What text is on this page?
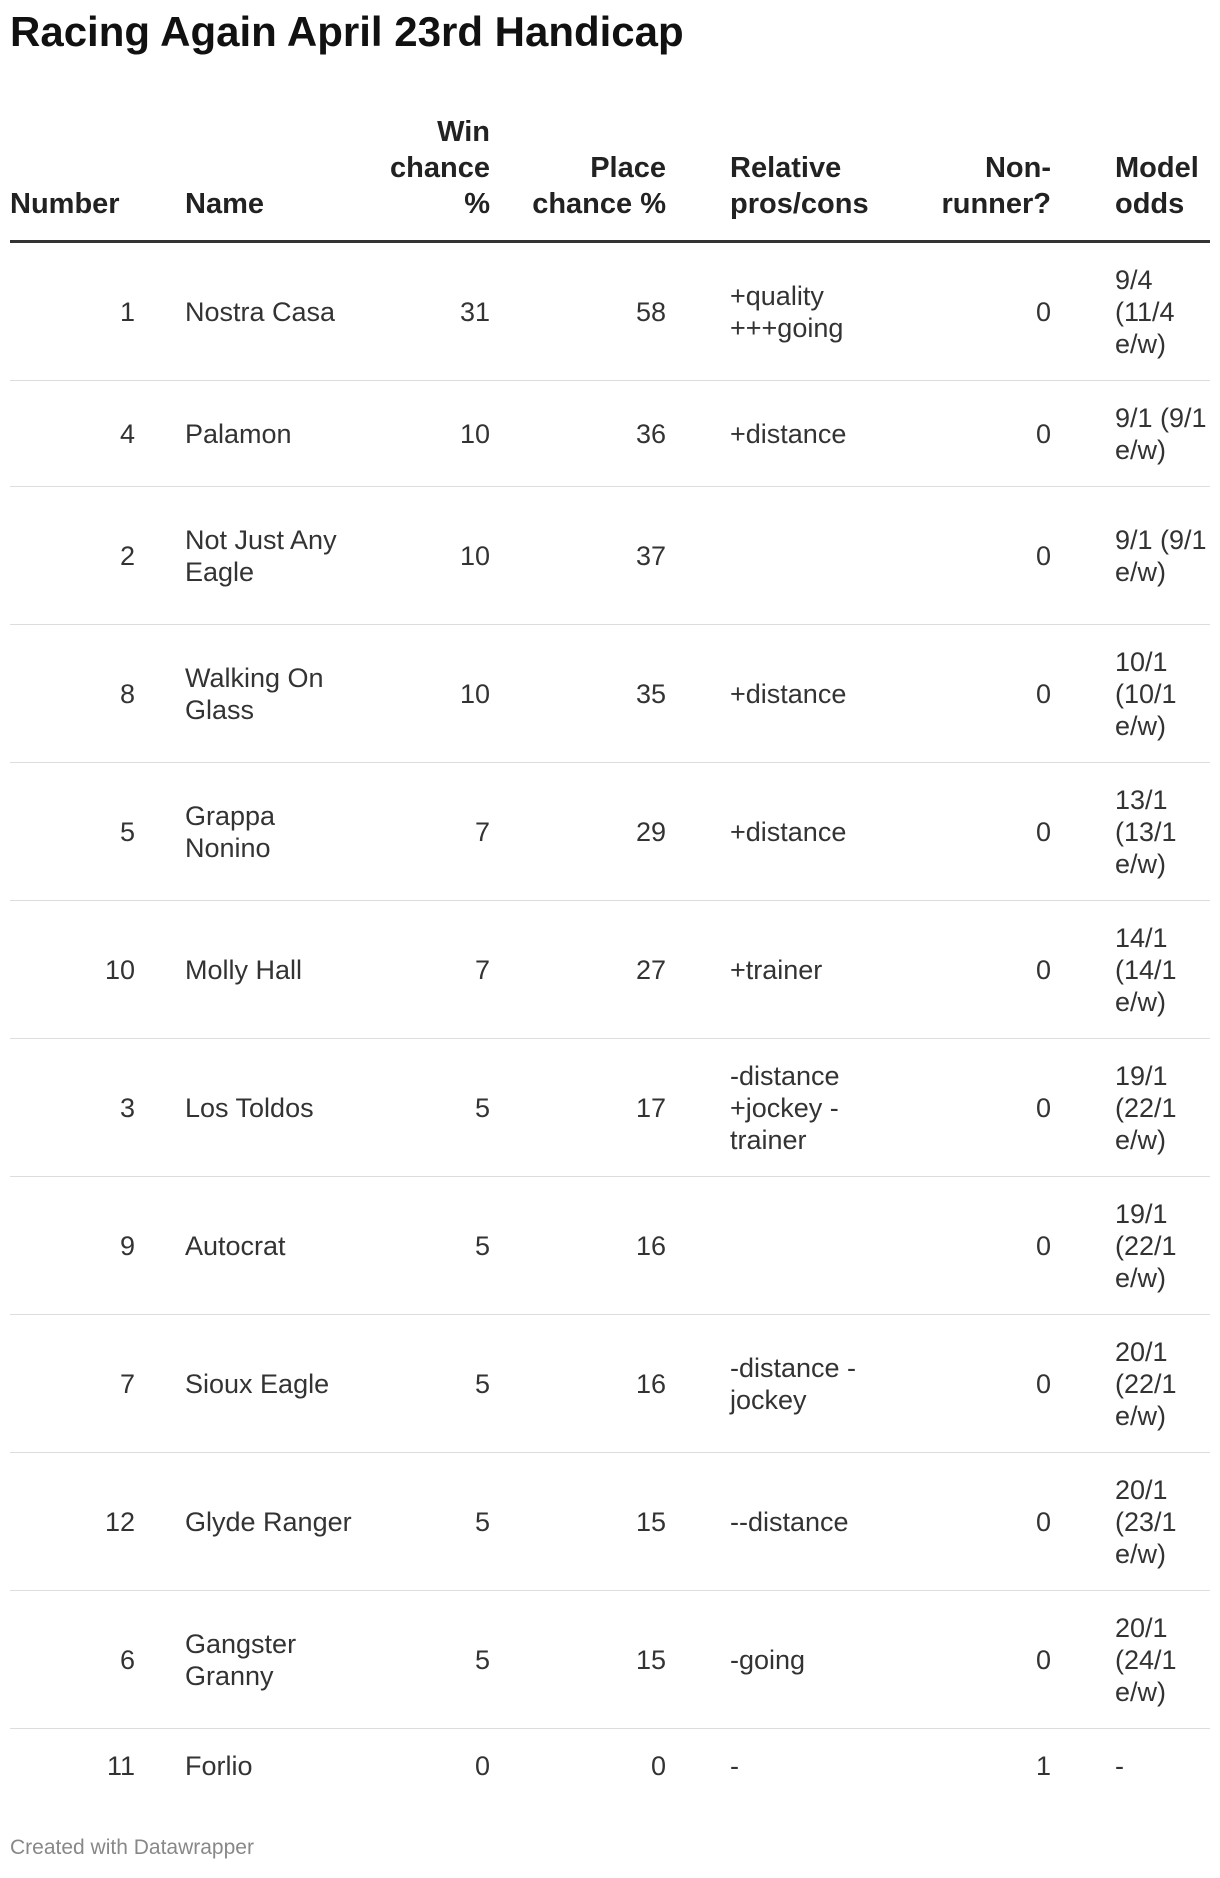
Racing Again April 23rd Handicap
Number	Name	Win chance %	Place chance %	Relative pros/cons	Non-runner?	Model odds
1	Nostra Casa	31	58	+quality +++going	0	9/4 (11/4 e/w)
4	Palamon	10	36	+distance	0	9/1 (9/1 e/w)
2	Not Just Any Eagle	10	37		0	9/1 (9/1 e/w)
8	Walking On Glass	10	35	+distance	0	10/1 (10/1 e/w)
5	Grappa Nonino	7	29	+distance	0	13/1 (13/1 e/w)
10	Molly Hall	7	27	+trainer	0	14/1 (14/1 e/w)
3	Los Toldos	5	17	-distance +jockey -trainer	0	19/1 (22/1 e/w)
9	Autocrat	5	16		0	19/1 (22/1 e/w)
7	Sioux Eagle	5	16	-distance -jockey	0	20/1 (22/1 e/w)
12	Glyde Ranger	5	15	--distance	0	20/1 (23/1 e/w)
6	Gangster Granny	5	15	-going	0	20/1 (24/1 e/w)
11	Forlio	0	0	-	1	-
Created with Datawrapper
